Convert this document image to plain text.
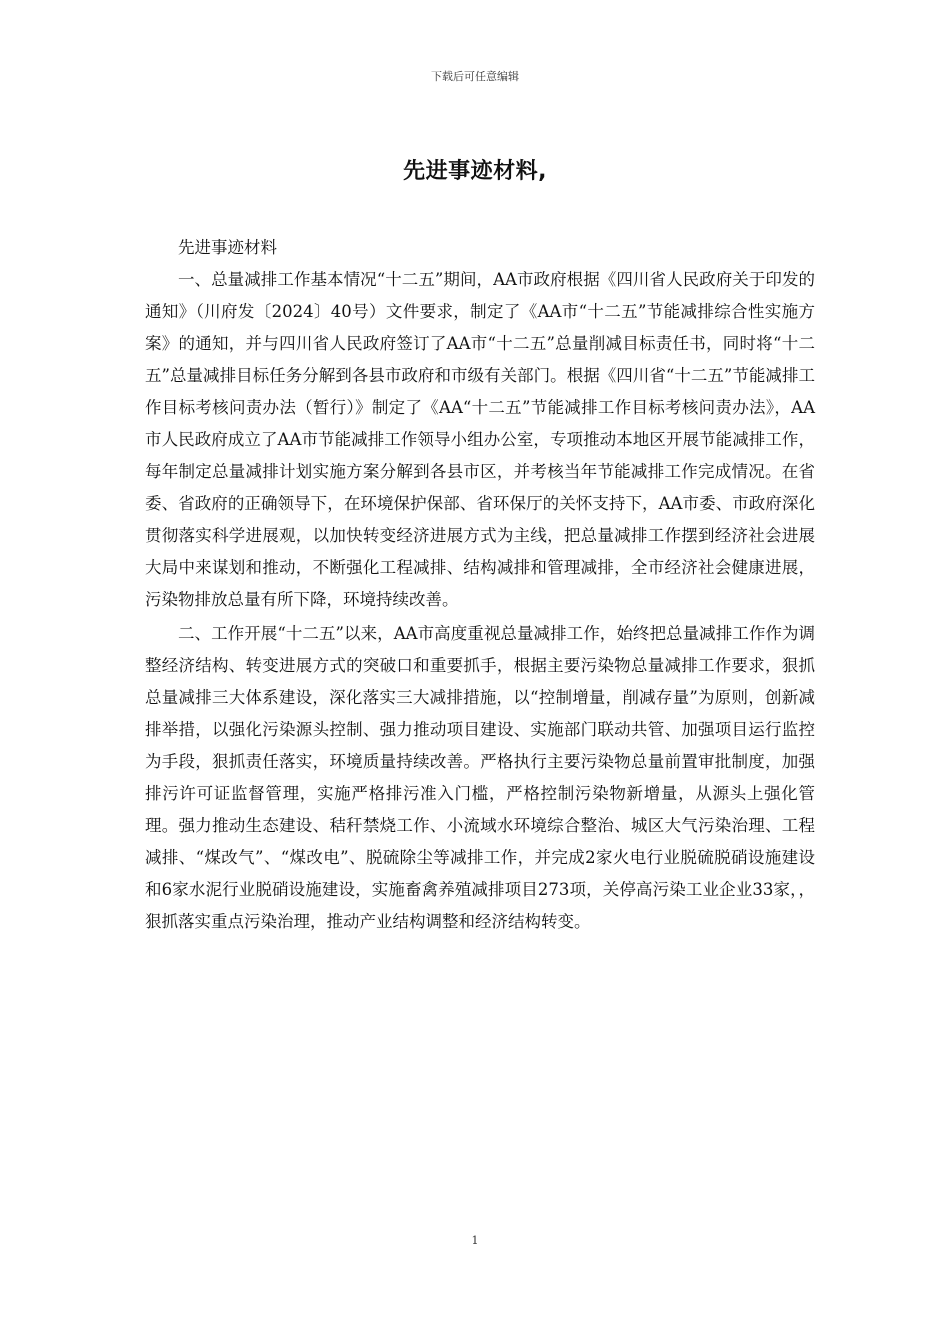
下载后可任意编辑
先进事迹材料,

先进事迹材料

一、总量减排工作基本情况“十二五”期间，AA市政府根据《四川省人民政府关于印发的通知》（川府发〔2024〕40号）文件要求，制定了《AA市“十二五”节能减排综合性实施方案》的通知，并与四川省人民政府签订了AA市“十二五”总量削减目标责任书，同时将“十二五”总量减排目标任务分解到各县市政府和市级有关部门。根据《四川省“十二五”节能减排工作目标考核问责办法（暂行）》制定了《AA“十二五”节能减排工作目标考核问责办法》，AA市人民政府成立了AA市节能减排工作领导小组办公室，专项推动本地区开展节能减排工作，每年制定总量减排计划实施方案分解到各县市区，并考核当年节能减排工作完成情况。在省委、省政府的正确领导下，在环境保护保部、省环保厅的关怀支持下，AA市委、市政府深化贯彻落实科学进展观，以加快转变经济进展方式为主线，把总量减排工作摆到经济社会进展大局中来谋划和推动，不断强化工程减排、结构减排和管理减排，全市经济社会健康进展，污染物排放总量有所下降，环境持续改善。

二、工作开展“十二五”以来，AA市高度重视总量减排工作，始终把总量减排工作作为调整经济结构、转变进展方式的突破口和重要抓手，根据主要污染物总量减排工作要求，狠抓总量减排三大体系建设，深化落实三大减排措施，以“控制增量，削减存量”为原则，创新减排举措，以强化污染源头控制、强力推动项目建设、实施部门联动共管、加强项目运行监控为手段，狠抓责任落实，环境质量持续改善。严格执行主要污染物总量前置审批制度，加强排污许可证监督管理，实施严格排污准入门槛，严格控制污染物新增量，从源头上强化管理。强力推动生态建设、秸秆禁烧工作、小流域水环境综合整治、城区大气污染治理、工程减排、“煤改气”、“煤改电”、脱硫除尘等减排工作，并完成2家火电行业脱硫脱硝设施建设和6家水泥行业脱硝设施建设，实施畜禽养殖减排项目273项，关停高污染工业企业33家，，狠抓落实重点污染治理，推动产业结构调整和经济结构转变。

1
